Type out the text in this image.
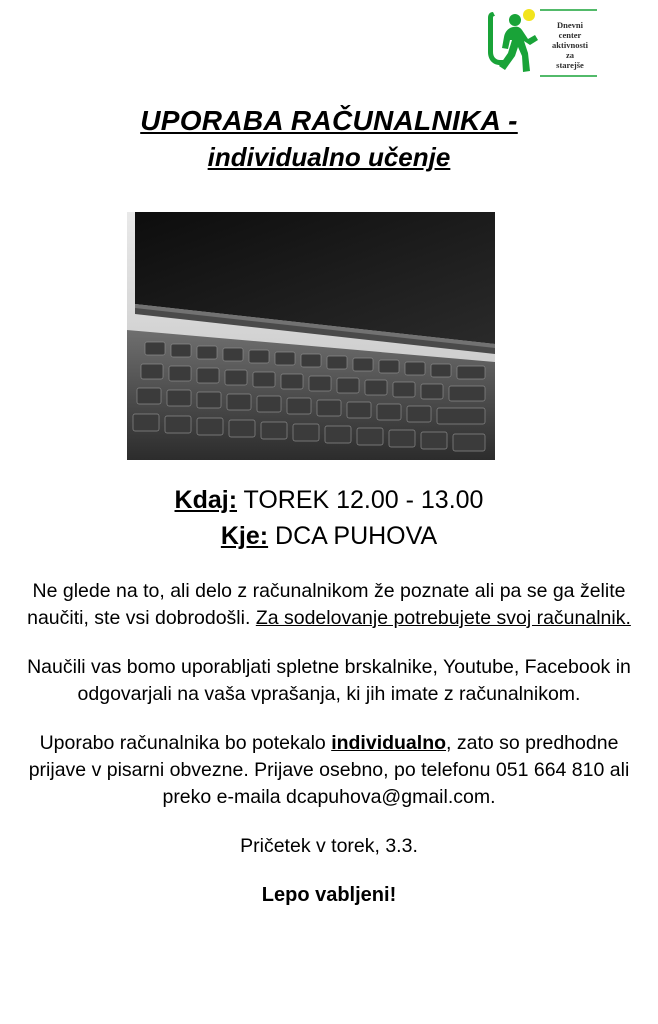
Dnevni
center
aktivnosti
za
starejše
UPORABA RAČUNALNIKA -
individualno učenje
Kdaj: TOREK 12.00 - 13.00
Kje: DCA PUHOVA

Ne glede na to, ali delo z računalnikom že poznate ali pa se ga želite naučiti, ste vsi dobrodošli. Za sodelovanje potrebujete svoj računalnik.

Naučili vas bomo uporabljati spletne brskalnike, Youtube, Facebook in odgovarjali na vaša vprašanja, ki jih imate z računalnikom.

Uporabo računalnika bo potekalo individualno, zato so predhodne prijave v pisarni obvezne. Prijave osebno, po telefonu 051 664 810 ali preko e-maila dcapuhova@gmail.com.

Pričetek v torek, 3.3.

Lepo vabljeni!
